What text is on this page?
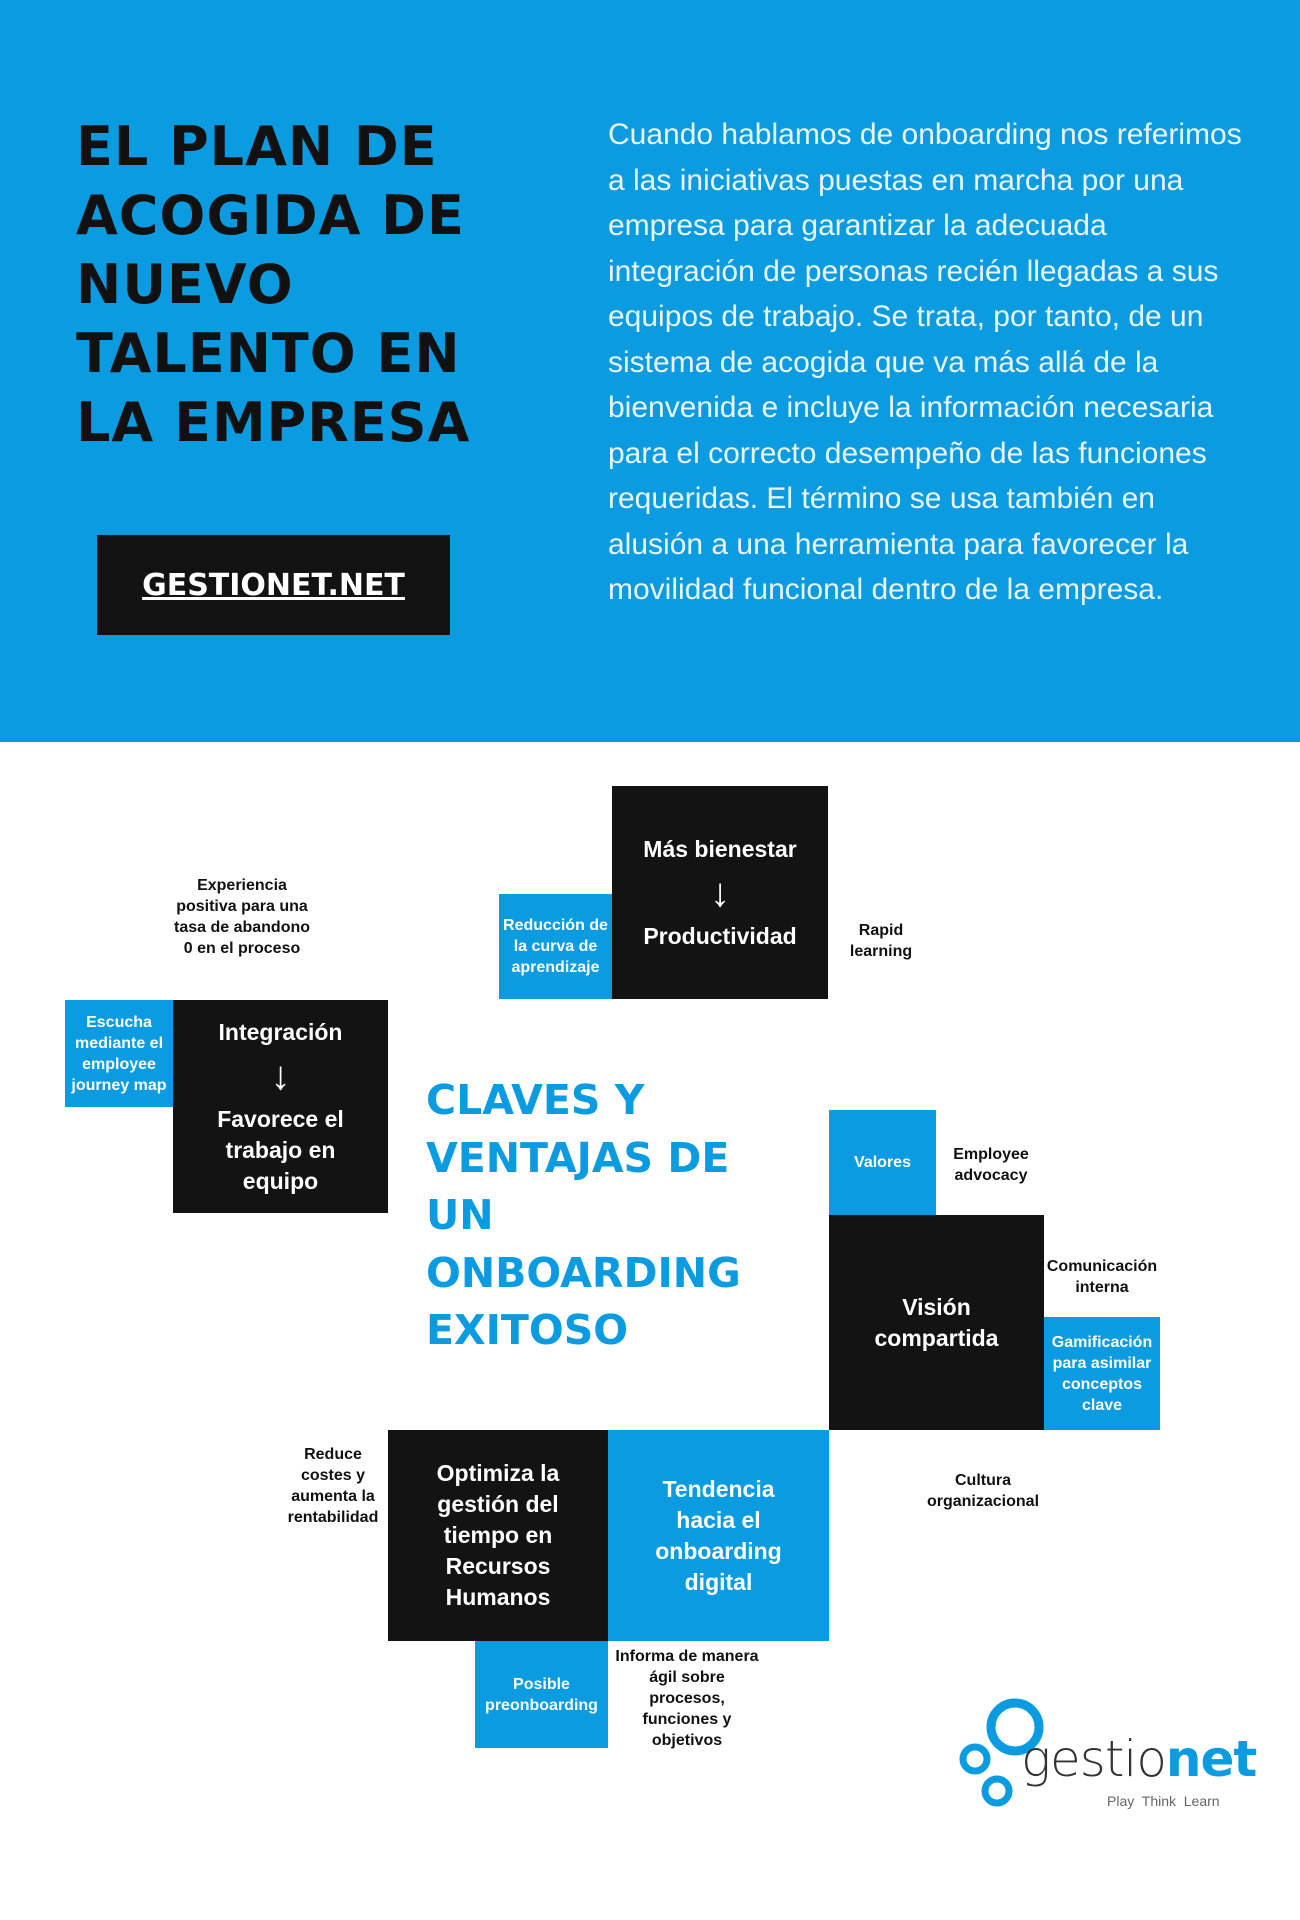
EL PLAN DE ACOGIDA DE NUEVO TALENTO EN LA EMPRESA
GESTIONET.NET
Cuando hablamos de onboarding nos referimos a las iniciativas puestas en marcha por una empresa para garantizar la adecuada integración de personas recién llegadas a sus equipos de trabajo. Se trata, por tanto, de un sistema de acogida que va más allá de la bienvenida e incluye la información necesaria para el correcto desempeño de las funciones requeridas. El término se usa también en alusión a una herramienta para favorecer la movilidad funcional dentro de la empresa.
Más bienestar
↓
Productividad
Reducción de la curva de aprendizaje
Experiencia positiva para una tasa de abandono 0 en el proceso
Rapid learning
Escucha mediante el employee journey map
Integración
↓
Favorece el trabajo en equipo
CLAVES Y VENTAJAS DE UN ONBOARDING EXITOSO
Valores	Employee advocacy
Visión compartida
Comunicación interna
Gamificación para asimilar conceptos clave
Optimiza la gestión del tiempo en Recursos Humanos
Tendencia hacia el onboarding digital
Reduce costes y aumenta la rentabilidad
Cultura organizacional
Posible preonboarding
Informa de manera ágil sobre procesos, funciones y objetivos	gestionet
Play  Think  Learn
